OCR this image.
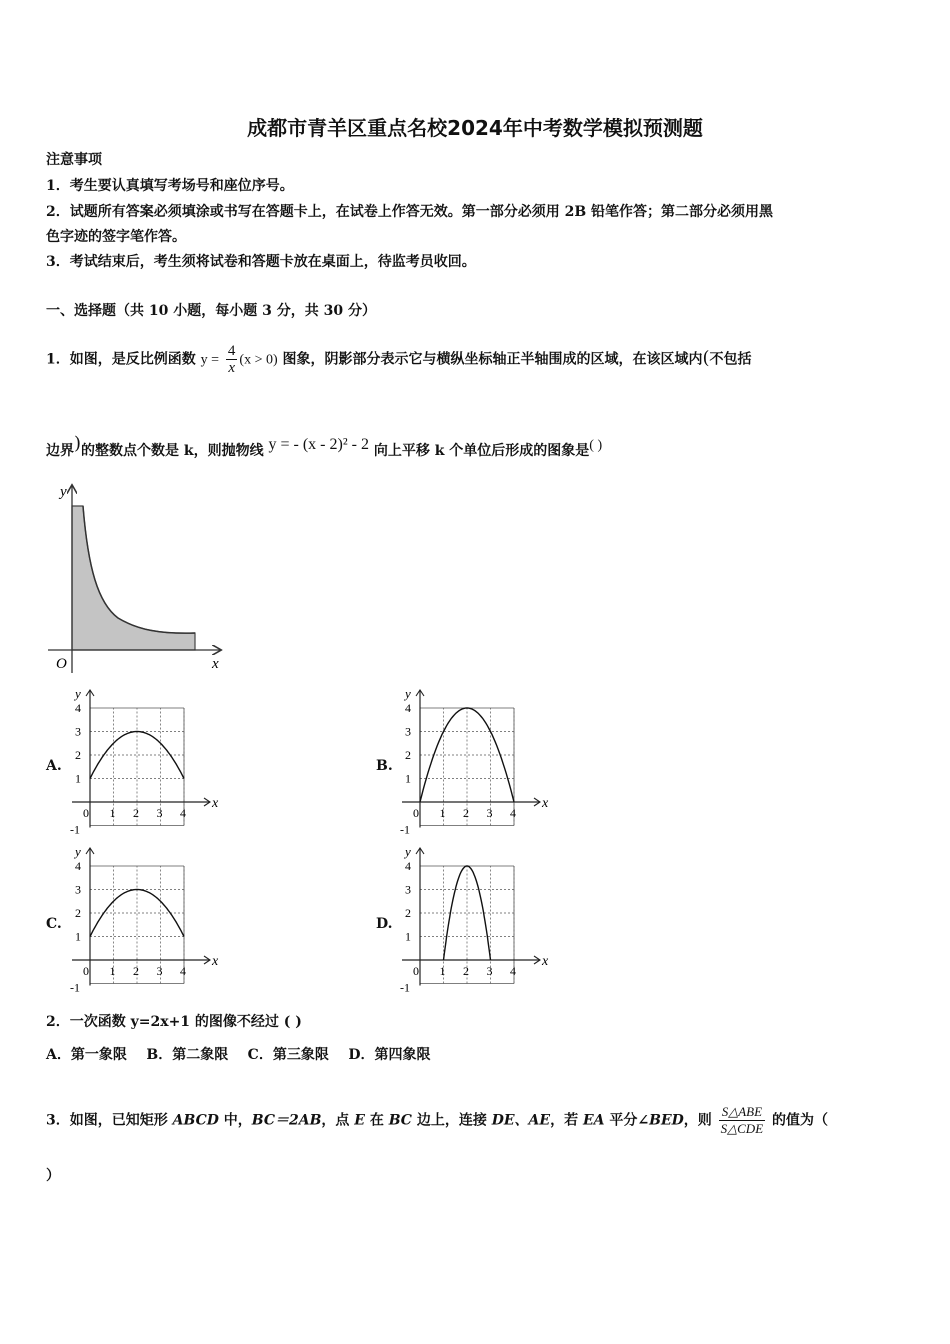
成都市青羊区重点名校2024年中考数学模拟预测题
注意事项
1．考生要认真填写考场号和座位序号。
2．试题所有答案必须填涂或书写在答题卡上，在试卷上作答无效。第一部分必须用 2B 铅笔作答；第二部分必须用黑
色字迹的签字笔作答。
3．考试结束后，考生须将试卷和答题卡放在桌面上，待监考员收回。
一、选择题（共 10 小题，每小题 3 分，共 30 分）
1．如图，是反比例函数 $y = \frac{4}{x} (x > 0)$ 图象，阴影部分表示它与横纵坐标轴正半轴围成的区域，在该区域内(不包括
边界)的整数点个数是 k，则抛物线 y = - (x - 2)² - 2 向上平移 k 个单位后形成的图象是( )
y
x
O
A.	B.
C.	D.
y
x
0 1 2 3 4
1
2
3
4
-1
y
x
0 1 2 3 4
1
2
3
4
-1
y
x
0 1 2 3 4
1
2
3
4
-1
y
x
0 1 2 3 4
1
2
3
4
-1
2．一次函数 y=2x+1 的图像不经过 ( )
A．第一象限    B．第二象限    C．第三象限    D．第四象限
3．如图，已知矩形 ABCD 中，BC＝2AB，点 E 在 BC 边上，连接 DE、AE，若 EA 平分∠BED，则 $\frac{\text{S△ABE}}{\text{S△CDE}}$ 的值为（
）
